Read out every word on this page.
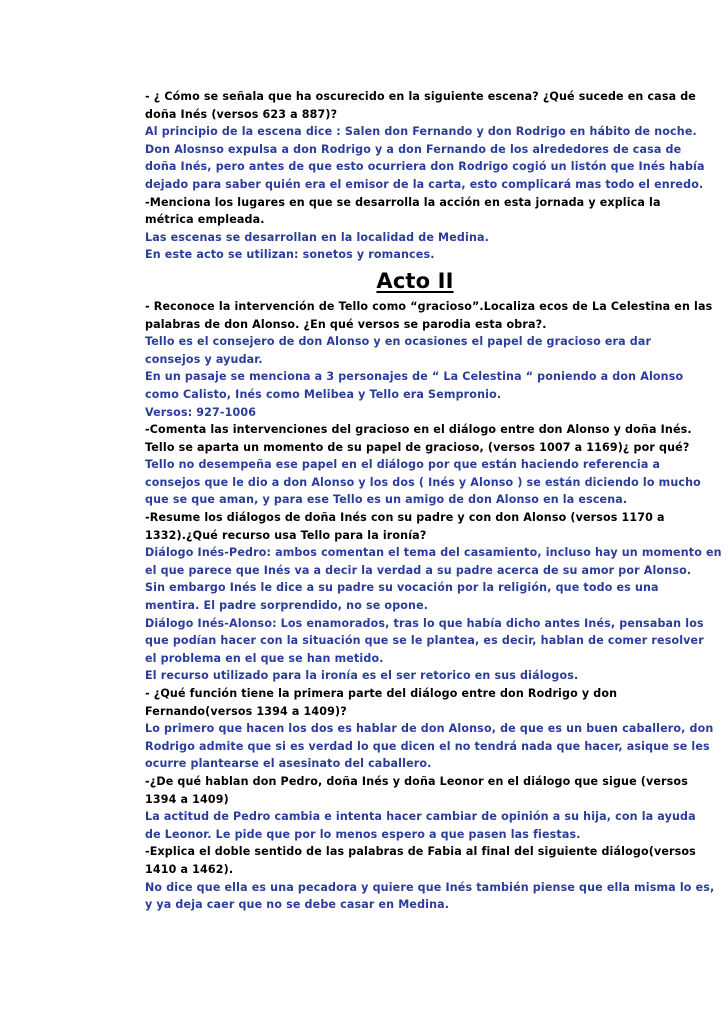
- ¿ Cómo se señala que ha oscurecido en la siguiente escena? ¿Qué sucede en casa de
doña Inés (versos 623 a 887)?
Al principio de la escena dice : Salen don Fernando y don Rodrigo en hábito de noche.
Don Alosnso expulsa a don Rodrigo y a don Fernando de los alrededores de casa de
doña Inés, pero antes de que esto ocurriera don Rodrigo cogió un listón que Inés había
dejado para saber quién era el emisor de la carta, esto complicará mas todo el enredo.
-Menciona los lugares en que se desarrolla la acción en esta jornada y explica la
métrica empleada.
Las escenas se desarrollan en la localidad de Medina.
En este acto se utilizan: sonetos y romances.
Acto II
- Reconoce la intervención de Tello como “gracioso”.Localiza ecos de La Celestina en las
palabras de don Alonso. ¿En qué versos se parodia esta obra?.
Tello es el consejero de don Alonso y en ocasiones el papel de gracioso era dar
consejos y ayudar.
En un pasaje se menciona a 3 personajes de “ La Celestina “ poniendo a don Alonso
como Calisto, Inés como Melibea y Tello era Sempronio.
Versos: 927-1006
-Comenta las intervenciones del gracioso en el diálogo entre don Alonso y doña Inés.
Tello se aparta un momento de su papel de gracioso, (versos 1007 a 1169)¿ por qué?
Tello no desempeña ese papel en el diálogo por que están haciendo referencia a
consejos que le dio a don Alonso y los dos ( Inés y Alonso ) se están diciendo lo mucho
que se que aman, y para ese Tello es un amigo de don Alonso en la escena.
-Resume los diálogos de doña Inés con su padre y con don Alonso (versos 1170 a
1332).¿Qué recurso usa Tello para la ironía?
Diálogo Inés-Pedro: ambos comentan el tema del casamiento, incluso hay un momento en
el que parece que Inés va a decir la verdad a su padre acerca de su amor por Alonso.
Sin embargo Inés le dice a su padre su vocación por la religión, que todo es una
mentira. El padre sorprendido, no se opone.
Diálogo Inés-Alonso: Los enamorados, tras lo que había dicho antes Inés, pensaban los
que podían hacer con la situación que se le plantea, es decir, hablan de comer resolver
el problema en el que se han metido.
El recurso utilizado para la ironía es el ser retorico en sus diálogos.
- ¿Qué función tiene la primera parte del diálogo entre don Rodrigo y don
Fernando(versos 1394 a 1409)?
Lo primero que hacen los dos es hablar de don Alonso, de que es un buen caballero, don
Rodrigo admite que si es verdad lo que dicen el no tendrá nada que hacer, asique se les
ocurre plantearse el asesinato del caballero.
-¿De qué hablan don Pedro, doña Inés y doña Leonor en el diálogo que sigue (versos
1394 a 1409)
La actitud de Pedro cambia e intenta hacer cambiar de opinión a su hija, con la ayuda
de Leonor. Le pide que por lo menos espero a que pasen las fiestas.
-Explica el doble sentido de las palabras de Fabia al final del siguiente diálogo(versos
1410 a 1462).
No dice que ella es una pecadora y quiere que Inés también piense que ella misma lo es,
y ya deja caer que no se debe casar en Medina.
